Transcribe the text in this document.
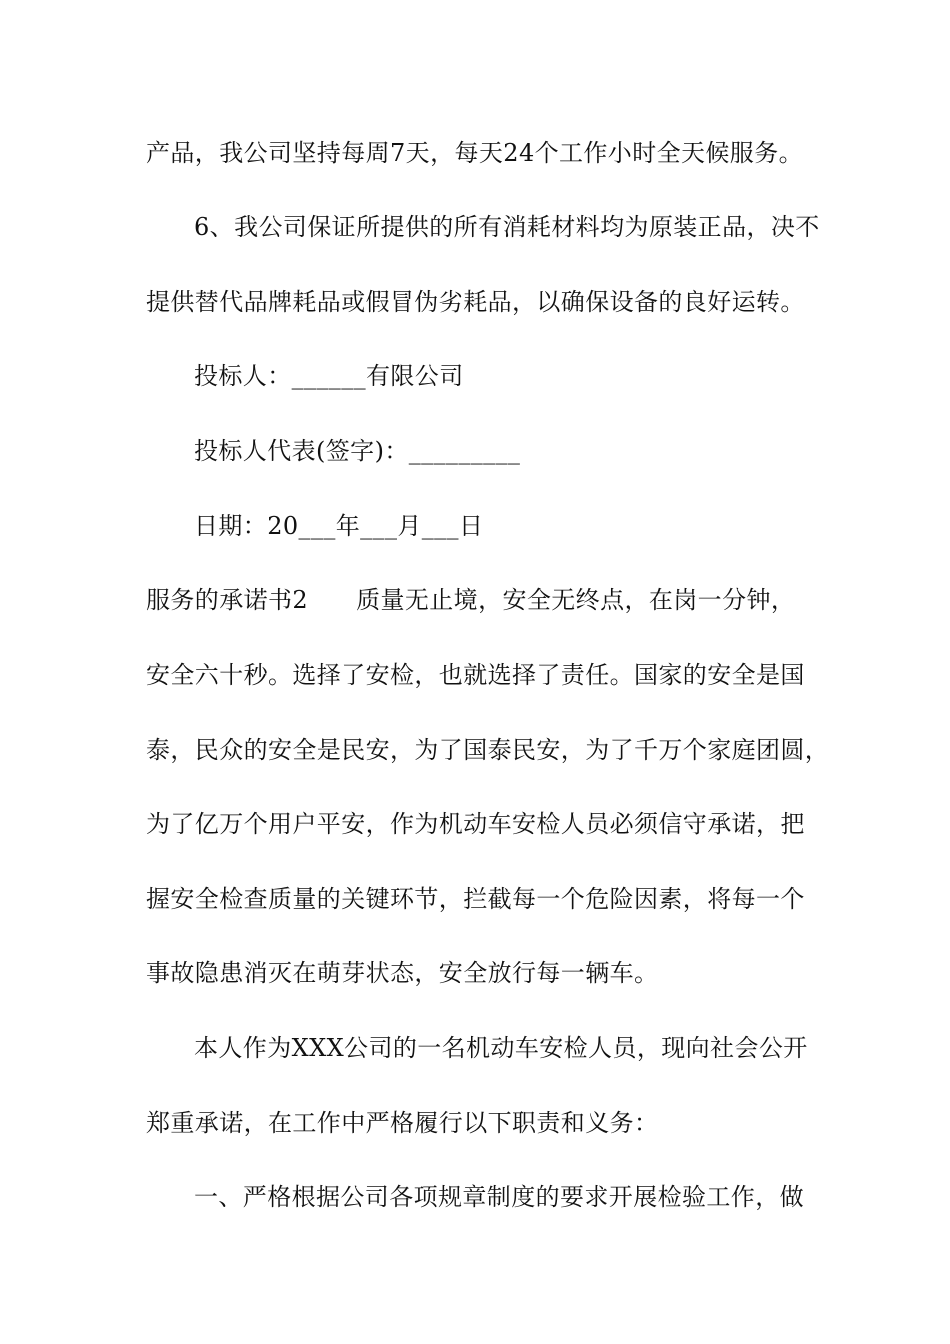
产品，我公司坚持每周7天，每天24个工作小时全天候服务。
6、我公司保证所提供的所有消耗材料均为原装正品，决不
提供替代品牌耗品或假冒伪劣耗品，以确保设备的良好运转。
投标人：______有限公司
投标人代表(签字)：_________
日期：20___年___月___日
服务的承诺书2 质量无止境，安全无终点，在岗一分钟，
安全六十秒。选择了安检，也就选择了责任。国家的安全是国
泰，民众的安全是民安，为了国泰民安，为了千万个家庭团圆，
为了亿万个用户平安，作为机动车安检人员必须信守承诺，把
握安全检查质量的关键环节，拦截每一个危险因素，将每一个
事故隐患消灭在萌芽状态，安全放行每一辆车。
本人作为XXX公司的一名机动车安检人员，现向社会公开
郑重承诺，在工作中严格履行以下职责和义务：
一、严格根据公司各项规章制度的要求开展检验工作，做
